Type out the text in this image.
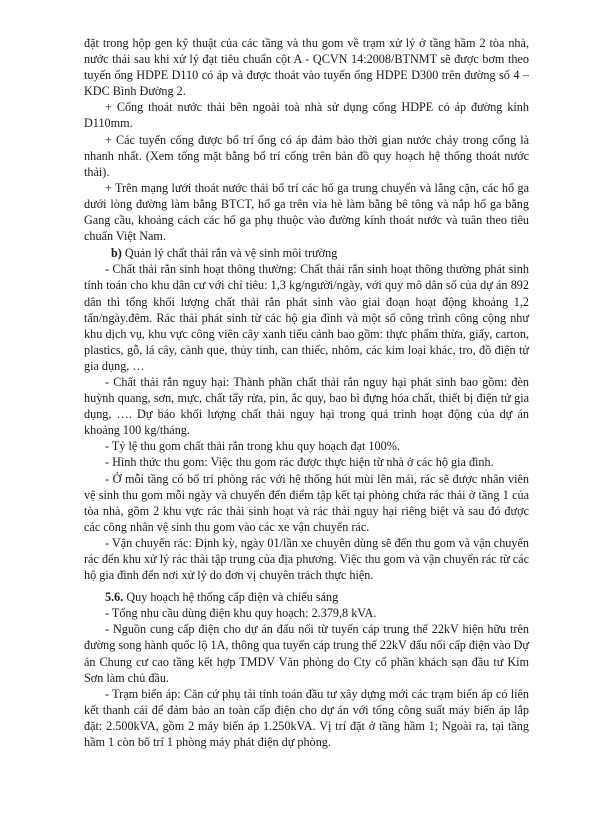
đặt trong hộp gen kỹ thuật của các tầng và thu gom về trạm xử lý ở tầng hầm 2 tòa nhà, nước thải sau khi xử lý đạt tiêu chuẩn cột A - QCVN 14:2008/BTNMT sẽ được bơm theo tuyến ống HDPE D110 có áp và được thoát vào tuyến ống HDPE D300 trên đường số 4 –KDC Bình Đường 2.

+ Cống thoát nước thải bên ngoài toà nhà sử dụng cống HDPE có áp đường kính D110mm.

+ Các tuyến cống được bố trí ống có áp đảm bảo thời gian nước chảy trong cống là nhanh nhất. (Xem tổng mặt bằng bố trí cống trên bản đồ quy hoạch hệ thống thoát nước thải).

+ Trên mạng lưới thoát nước thải bố trí các hố ga trung chuyển và lắng cặn, các hố ga dưới lòng đường làm bằng BTCT, hố ga trên vỉa hè làm bằng bê tông và nắp hố ga bằng Gang cầu, khoảng cách các hố ga phụ thuộc vào đường kính thoát nước và tuân theo tiêu chuẩn Việt Nam.

b) Quản lý chất thải rắn và vệ sinh môi trường

- Chất thải rắn sinh hoạt thông thường: Chất thải rắn sinh hoạt thông thường phát sinh tính toán cho khu dân cư với chỉ tiêu: 1,3 kg/người/ngày, với quy mô dân số của dự án 892 dân thì tổng khối lượng chất thải rắn phát sinh vào giai đoạn hoạt động khoảng 1,2 tấn/ngày.đêm. Rác thải phát sinh từ các hộ gia đình và một số công trình công cộng như khu dịch vụ, khu vực công viên cây xanh tiểu cảnh bao gồm: thực phẩm thừa, giấy, carton, plastics, gỗ, lá cây, cành que, thủy tinh, can thiếc, nhôm, các kim loại khác, tro, đồ điện tử gia dụng, …

- Chất thải rắn nguy hại: Thành phần chất thải rắn nguy hại phát sinh bao gồm: đèn huỳnh quang, sơn, mực, chất tẩy rửa, pin, ắc quy, bao bì đựng hóa chất, thiết bị điện tử gia dụng, …. Dự báo khối lượng chất thải nguy hại trong quá trình hoạt động của dự án khoảng 100 kg/tháng.

- Tỷ lệ thu gom chất thải rắn trong khu quy hoạch đạt 100%.

- Hình thức thu gom: Việc thu gom rác được thực hiện từ nhà ở các hộ gia đình.

- Ở mỗi tầng có bố trí phòng rác với hệ thống hút mùi lên mái, rác sẽ được nhân viên vệ sinh thu gom mỗi ngày và chuyển đến điểm tập kết tại phòng chứa rác thải ở tầng 1 của tòa nhà, gồm 2 khu vực rác thải sinh hoạt và rác thải nguy hại riêng biệt và sau đó được các công nhân vệ sinh thu gom vào các xe vận chuyển rác.

- Vận chuyển rác: Định kỳ, ngày 01/lần xe chuyên dùng sẽ đến thu gom và vận chuyển rác đến khu xử lý rác thải tập trung của địa phương. Việc thu gom và vận chuyển rác từ các hộ gia đình đến nơi xử lý do đơn vị chuyên trách thực hiện.

5.6. Quy hoạch hệ thống cấp điện và chiếu sáng

- Tổng nhu cầu dùng điện khu quy hoạch: 2.379,8 kVA.

- Nguồn cung cấp điện cho dự án đấu nối từ tuyến cáp trung thế 22kV hiện hữu trên đường song hành quốc lộ 1A, thông qua tuyến cáp trung thế 22kV đấu nối cấp điện vào Dự án Chung cư cao tầng kết hợp TMDV Văn phòng do Cty cổ phần khách sạn đầu tư Kim Sơn làm chủ đầu.

- Trạm biến áp: Căn cứ phụ tải tính toán đầu tư xây dựng mới các trạm biến áp có liên kết thanh cái để đảm bảo an toàn cấp điện cho dự án với tổng công suất máy biến áp lắp đặt: 2.500kVA, gồm 2 máy biến áp 1.250kVA. Vị trí đặt ở tầng hầm 1; Ngoài ra, tại tầng hầm 1 còn bố trí 1 phòng máy phát điện dự phòng.
